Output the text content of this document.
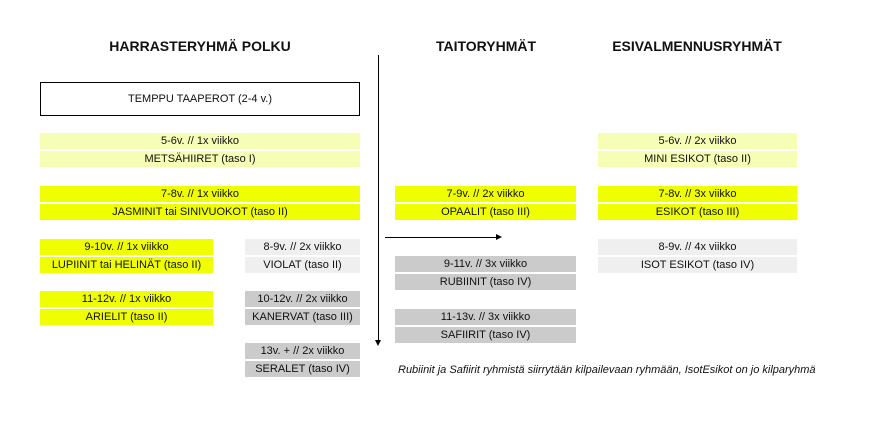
HARRASTERYHMÄ POLKU	TAITORYHMÄT	ESIVALMENNUSRYHMÄT
TEMPPU TAAPEROT (2-4 v.)
5-6v. // 1x viikko
METSÄHIIRET (taso I)
7-8v. // 1x viikko
JASMINIT tai SINIVUOKOT (taso II)
9-10v. // 1x viikko
LUPIINIT tai HELINÄT (taso II)
8-9v. // 2x viikko
VIOLAT (taso II)
11-12v. // 1x viikko
ARIELIT (taso II)
10-12v. // 2x viikko
KANERVAT (taso III)
13v. + // 2x viikko
SERALET (taso IV)
7-9v. // 2x viikko
OPAALIT (taso III)
9-11v. // 3x viikko
RUBIINIT (taso IV)
11-13v. // 3x viikko
SAFIIRIT (taso IV)
5-6v. // 2x viikko
MINI ESIKOT (taso II)
7-8v. // 3x viikko
ESIKOT (taso III)
8-9v. // 4x viikko
ISOT ESIKOT (taso IV)
Rubiinit ja Safiirit ryhmistä siirrytään kilpailevaan ryhmään, IsotEsikot on jo kilparyhmä
